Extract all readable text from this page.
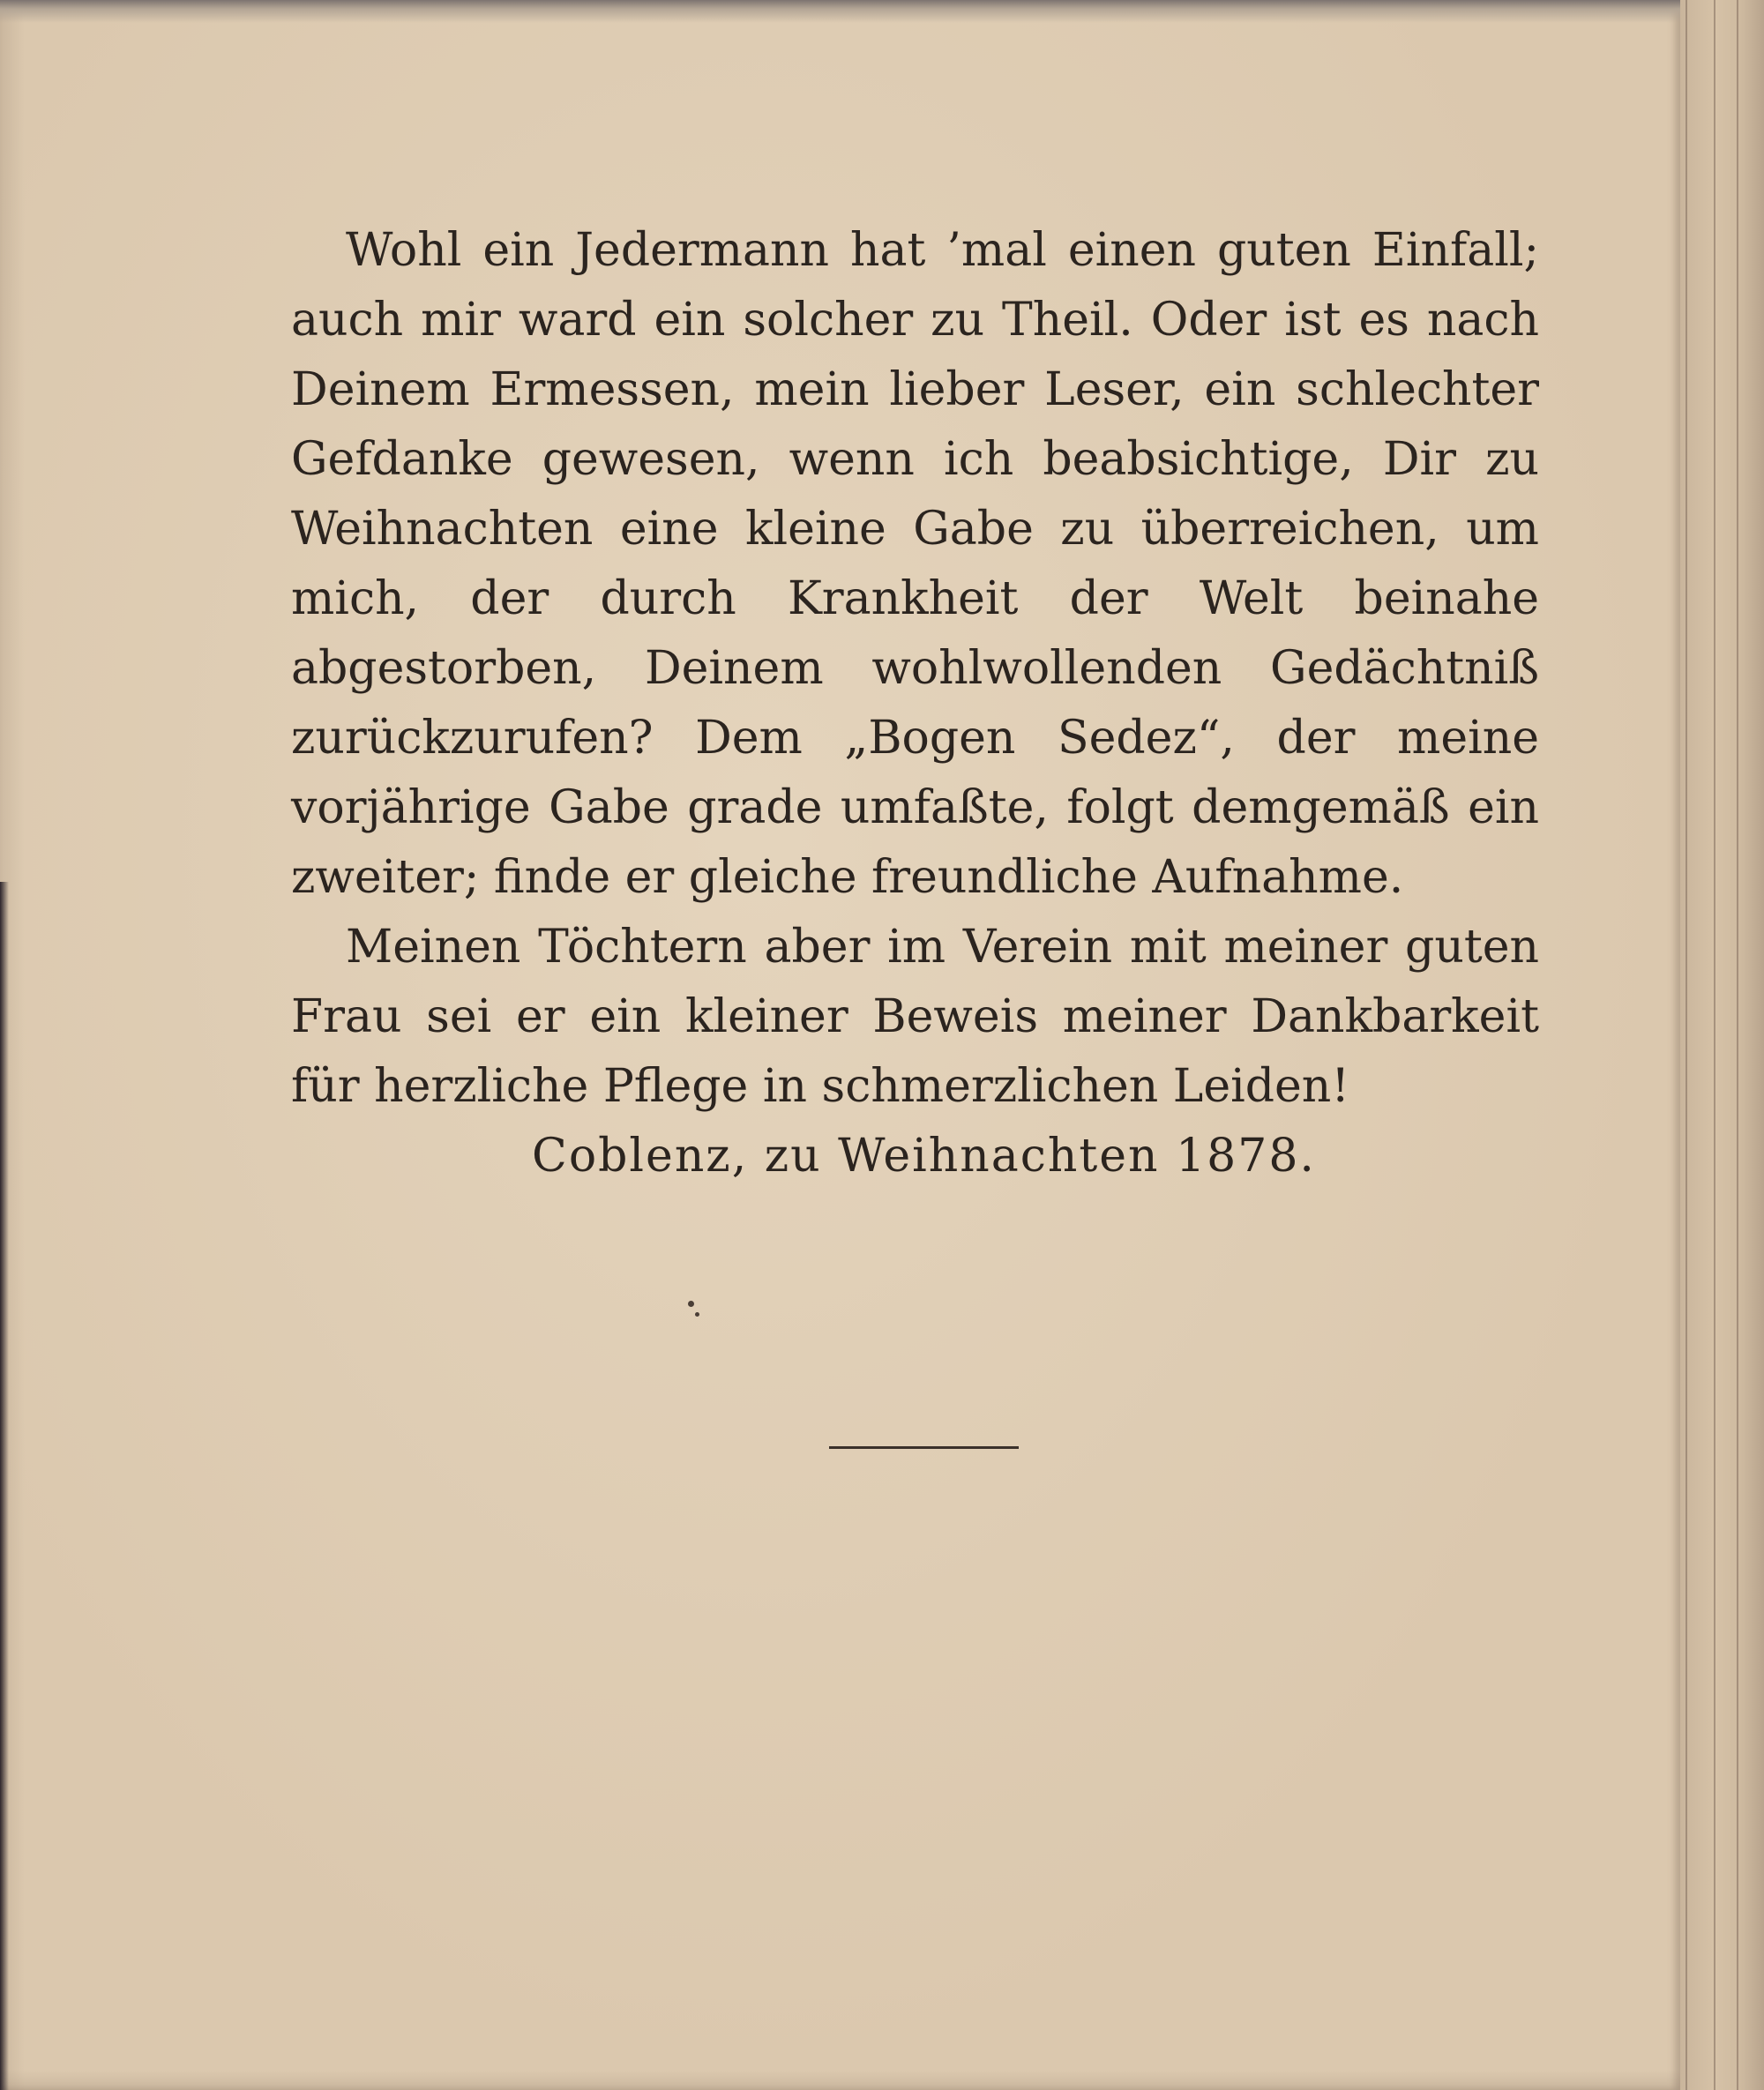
Wohl ein Jedermann hat ’mal einen guten Einfall; auch mir ward ein solcher zu Theil. Oder ist es nach Deinem Ermessen, mein lieber Leser, ein schlechter Gefdanke gewesen, wenn ich beabsichtige, Dir zu Weihnachten eine kleine Gabe zu überreichen, um mich, der durch Krankheit der Welt beinahe abgestorben, Deinem wohlwollenden Gedächtniß zurückzurufen? Dem „Bogen Sedez“, der meine vorjährige Gabe grade umfaßte, folgt demgemäß ein zweiter; finde er gleiche freundliche Aufnahme.

Meinen Töchtern aber im Verein mit meiner guten Frau sei er ein kleiner Beweis meiner Dankbarkeit für herzliche Pflege in schmerzlichen Leiden!

Coblenz, zu Weihnachten 1878.
